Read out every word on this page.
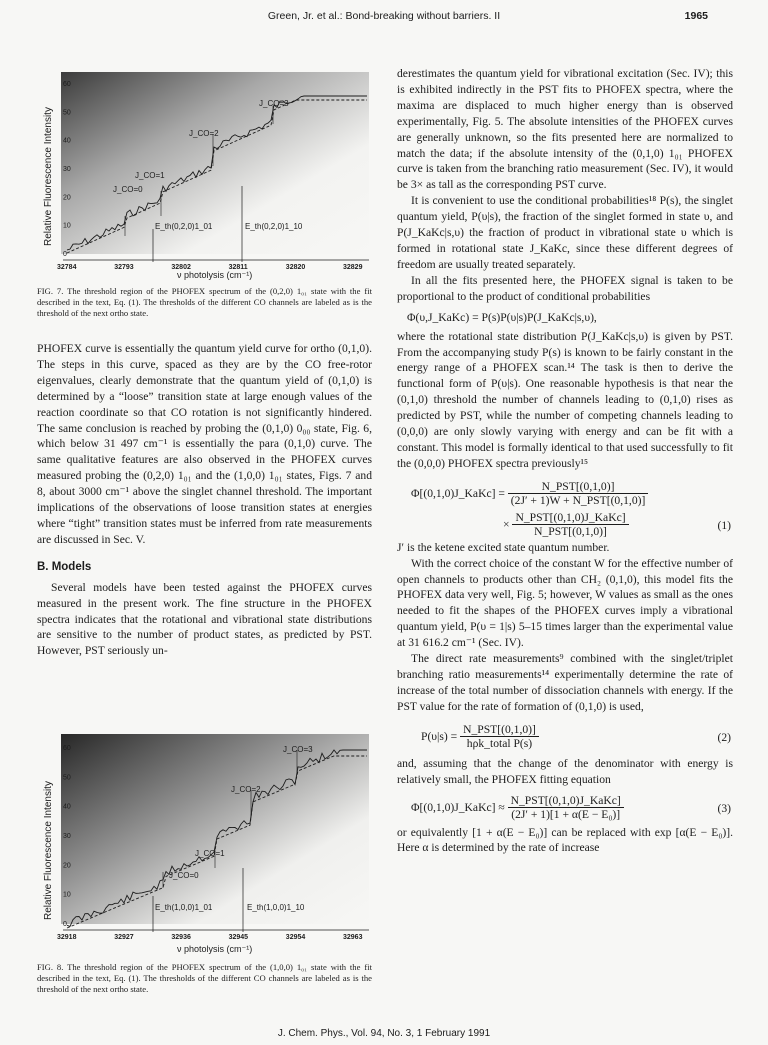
Green, Jr. et al.: Bond-breaking without barriers. II	1965
Relative Fluorescence Intensity
0
10
20
30
40
50
60
32784	32793	32802	32811	32820	32829
J_CO=0
J_CO=1
J_CO=2
J_CO=3
E_th(0,2,0)1_01	E_th(0,2,0)1_10
ν photolysis (cm⁻¹)

FIG. 7. The threshold region of the PHOFEX spectrum of the (0,2,0) 1₀₁ state with the fit described in the text, Eq. (1). The thresholds of the different CO channels are labeled as is the threshold of the next ortho state.

PHOFEX curve is essentially the quantum yield curve for ortho (0,1,0). The steps in this curve, spaced as they are by the CO free-rotor eigenvalues, clearly demonstrate that the quantum yield of (0,1,0) is determined by a “loose” transition state at large enough values of the reaction coordinate so that CO rotation is not significantly hindered. The same conclusion is reached by probing the (0,1,0) 0₀₀ state, Fig. 6, which below 31 497 cm⁻¹ is essentially the para (0,1,0) curve. The same qualitative features are also observed in the PHOFEX curves measured probing the (0,2,0) 1₀₁ and the (1,0,0) 1₀₁ states, Figs. 7 and 8, about 3000 cm⁻¹ above the singlet channel threshold. The important implications of the observations of loose transition states at energies where “tight” transition states must be inferred from rate measurements are discussed in Sec. V.

B. Models

Several models have been tested against the PHOFEX curves measured in the present work. The fine structure in the PHOFEX spectra indicates that the rotational and vibrational state distributions are sensitive to the number of product states, as predicted by PST. However, PST seriously un-

Relative Fluorescence Intensity
0
10
20
30
40
50
60
32918	32927	32936	32945	32954	32963
J_CO=0
J_CO=1
J_CO=2
J_CO=3
E_th(1,0,0)1_01	E_th(1,0,0)1_10
ν photolysis (cm⁻¹)

FIG. 8. The threshold region of the PHOFEX spectrum of the (1,0,0) 1₀₁ state with the fit described in the text, Eq. (1). The thresholds of the different CO channels are labeled as is the threshold of the next ortho state.

derestimates the quantum yield for vibrational excitation (Sec. IV); this is exhibited indirectly in the PST fits to PHOFEX spectra, where the maxima are displaced to much higher energy than is observed experimentally, Fig. 5. The absolute intensities of the PHOFEX curves are generally unknown, so the fits presented here are normalized to match the data; if the absolute intensity of the (0,1,0) 1₀₁ PHOFEX curve is taken from the branching ratio measurement (Sec. IV), it would be 3× as tall as the corresponding PST curve.

It is convenient to use the conditional probabilities¹⁸ P(s), the singlet quantum yield, P(υ|s), the fraction of the singlet formed in state υ, and P(J_KaKc|s,υ) the fraction of product in vibrational state υ which is formed in rotational state J_KaKc, since these different degrees of freedom are usually treated separately.

In all the fits presented here, the PHOFEX signal is taken to be proportional to the product of conditional probabilities

Φ(υ,J_KaKc) = P(s)P(υ|s)P(J_KaKc|s,υ),

where the rotational state distribution P(J_KaKc|s,υ) is given by PST. From the accompanying study P(s) is known to be fairly constant in the energy range of a PHOFEX scan.¹⁴ The task is then to derive the functional form of P(υ|s). One reasonable hypothesis is that near the (0,1,0) threshold the number of channels leading to (0,1,0) rises as predicted by PST, while the number of competing channels leading to (0,0,0) are only slowly varying with energy and can be fit with a constant. This model is formally identical to that used successfully to fit the (0,0,0) PHOFEX spectra previously¹⁵

Φ[(0,1,0)J_KaKc] = $\frac{\text{N\_PST[(0,1,0)]}}{\text{(2J′ + 1)W + N\_PST[(0,1,0)]}}$
× $\frac{\text{N\_PST[(0,1,0)J\_KaKc]}}{\text{N\_PST[(0,1,0)]}}$	(1)

J′ is the ketene excited state quantum number.

With the correct choice of the constant W for the effective number of open channels to products other than CH₂ (0,1,0), this model fits the PHOFEX data very well, Fig. 5; however, W values as small as the ones needed to fit the shapes of the PHOFEX curves imply a vibrational quantum yield, P(υ = 1|s) 5–15 times larger than the experimental value at 31 616.2 cm⁻¹ (Sec. IV).

The direct rate measurements⁹ combined with the singlet/triplet branching ratio measurements¹⁴ experimentally determine the rate of increase of the total number of dissociation channels with energy. If the PST value for the rate of formation of (0,1,0) is used,

$P(\upsilon|s) = \frac{\text{N\_PST[(0,1,0)]}}{\text{hρk\_total P(s)}}$	(2)

and, assuming that the change of the denominator with energy is relatively small, the PHOFEX fitting equation

Φ[(0,1,0)J_KaKc] ≈ $\frac{\text{N\_PST[(0,1,0)J\_KaKc]}}{\text{(2J′ + 1)[1 + α(E − E₀)]}}$	(3)

or equivalently [1 + α(E − E₀)] can be replaced with exp [α(E − E₀)]. Here α is determined by the rate of increase

J. Chem. Phys., Vol. 94, No. 3, 1 February 1991
